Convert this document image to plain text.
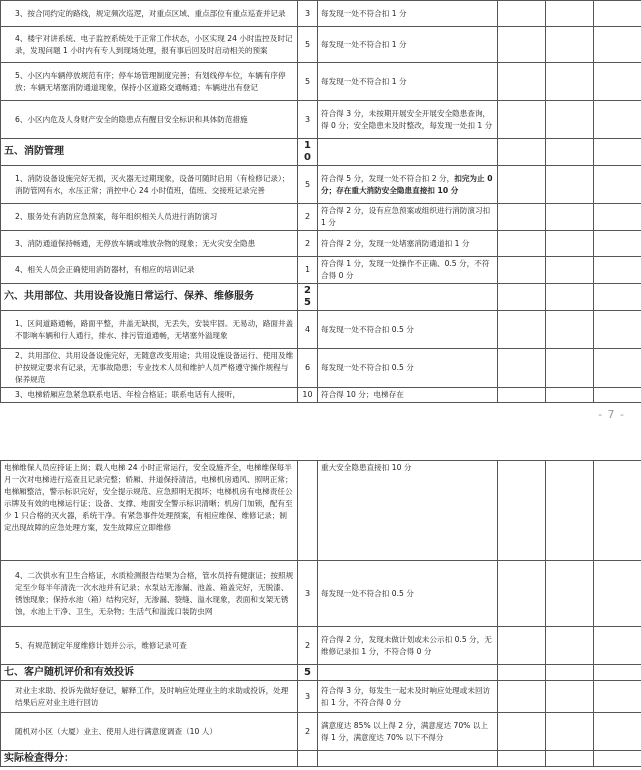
3、按合同约定的路线，规定频次巡逻，对重点区域、重点部位有重点巡查并记录	3	每发现一处不符合扣 1 分			
4、楼宇对讲系统、电子监控系统处于正常工作状态，小区实现 24 小时监控及时记录，发现问题 1 小时内有专人到现场处理，报有事后回及时启动相关的预案	5	每发现一处不符合扣 1 分			
5、小区内车辆停放规范有序；停车场管理制度完善；有划线停车位，车辆有序停放；车辆无堵塞消防通道现象，保持小区道路交通畅通；车辆进出有登记	5	每发现一处不符合扣 1 分			
6、小区内危及人身财产安全的隐患点有醒目安全标识和具体防范措施	3	符合得 3 分，未按期开展安全开展安全隐患查询，得 0 分；安全隐患未及时整改，每发现一处扣 1 分			
五、消防管理	10				
1、消防设备设施完好无损，灭火器无过期现象，设备可随时启用（有检修记录）；消防管网有水，水压正常；消控中心 24 小时值班，值班、交接班记录完善	5	符合得 5 分，发现一处不符合扣 2 分，扣完为止 0 分；存在重大消防安全隐患直接扣 10 分			
2、服务处有消防应急预案，每年组织相关人员进行消防演习	2	符合得 2 分，设有应急预案或组织进行消防演习扣 1 分			
3、消防通道保持畅通，无停放车辆或堆放杂物的现象；无火灾安全隐患	2	符合得 2 分，发现一处堵塞消防通道扣 1 分			
4、相关人员会正确使用消防器材，有相应的培训记录	1	符合得 1 分，发现一处操作不正确、0.5 分，不符合得 0 分			
六、共用部位、共用设备设施日常运行、保养、维修服务	25				
1、区间道路通畅，路面平整，井盖无缺损，无丢失，安装牢固。无易动，路面井盖不影响车辆和行人通行，排水、排污管道通畅，无堵塞外溢现象	4	每发现一处不符合扣 0.5 分			
2、共用部位、共用设备设施完好，无随意改变用途；共用设施设备运行、使用及维护按规定要求有记录，无事故隐患；专业技术人员和维护人员严格遵守操作规程与保养规范	6	每发现一处不符合扣 0.5 分			
3、电梯轿厢应急紧急联系电话、年检合格证；联系电话有人接听，	10	符合得 10 分；电梯存在			
- 7 -
电梯维保人员应持证上岗；载人电梯 24 小时正常运行，安全设施齐全，电梯维保每半月一次对电梯进行巡查且记录完整；轿厢、井道保持清洁，电梯机房通风、照明正常；电梯厢整洁，警示标识完好，安全提示规范、应急照明无损坏；电梯机房有电梯责任公示牌及有效的电梯运行证；设备、支撑、地面安全警示标识清晰；机房门加锁，配有至少 1 只合格的灭火器，系统干净。有紧急事件处理预案，有相应维保、维修记录；制定出现故障的应急处理方案，发生故障应立即维修		重大安全隐患直接扣 10 分			
4、二次供水有卫生合格证，水质检测报告结果为合格，管水员持有健康证；按照规定至少每半年清洗一次水池并有记录；水泵站无渗漏、池盖、箱盖完好，无脱漆、锈蚀现象；保持水池（箱）结构完好，无渗漏、裂缝、溢水现象，表面和支架无锈蚀，水池上干净、卫生，无杂物；生活气和溢流口装防虫网	3	每发现一处不符合扣 0.5 分			
5、有规范制定年度维修计划并公示，维修记录可查	2	符合得 2 分，发现未做计划或未公示扣 0.5 分，无维修记录扣 1 分，不符合得 0 分			
七、客户随机评价和有效投诉	5				
对业主求助、投诉先做好登记，解释工作，及时响应处理业主的求助或投诉，处理结果后应对业主进行回访	3	符合得 3 分，每发生一起未及时响应处理或未回访扣 1 分，不符合得 0 分			
随机对小区（大厦）业主、使用人进行满意度调查（10 人）	2	满意度达 85% 以上得 2 分，满意度达 70% 以上得 1 分，满意度达 70% 以下不得分			
实际检查得分：					
